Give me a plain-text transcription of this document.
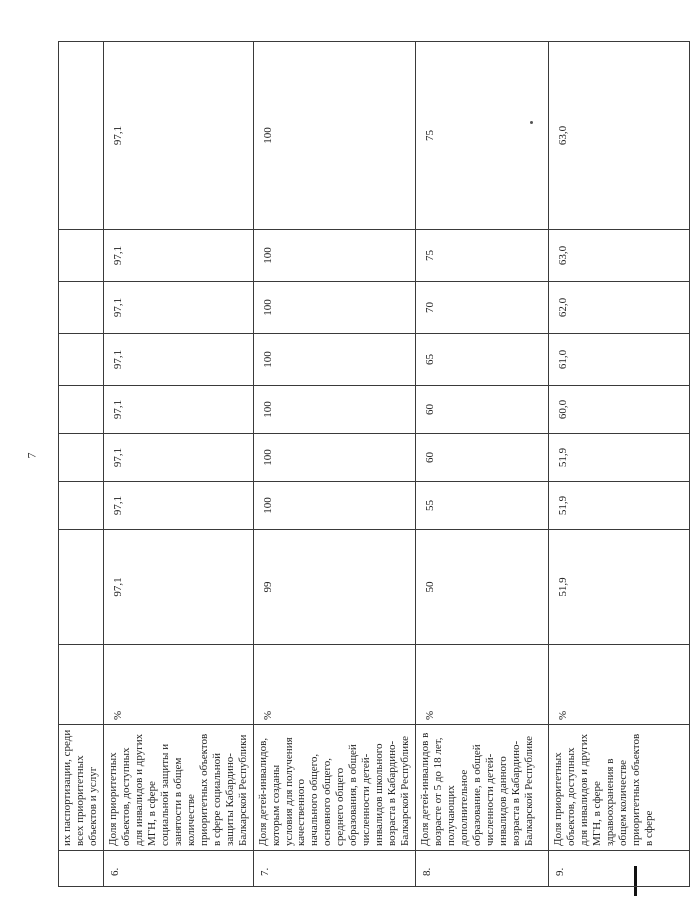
7
	их паспортизации, среди всех приоритетных объектов и услуг									
6.	Доля приоритетных объектов, доступных для инвалидов и других МГН, в сфере социальной защиты и занятости в общем количестве приоритетных объектов в сфере социальной защиты Кабардино-Балкарской Республики	%	97,1	97,1	97,1	97,1	97,1	97,1	97,1	97,1
7.	Доля детей-инвалидов, которым созданы условия для получения качественного начального общего, основного общего, среднего общего образования, в общей численности детей-инвалидов школьного возраста в Кабардино-Балкарской Республике	%	99	100	100	100	100	100	100	100
8.	Доля детей-инвалидов в возрасте от 5 до 18 лет, получающих дополнительное образование, в общей численности детей-инвалидов данного возраста в Кабардино-Балкарской Республике	%	50	55	60	60	65	70	75	75
9.	Доля приоритетных объектов, доступных для инвалидов и других МГН, в сфере здравоохранения в общем количестве приоритетных объектов в сфере	%	51,9	51,9	51,9	60,0	61,0	62,0	63,0	63,0
